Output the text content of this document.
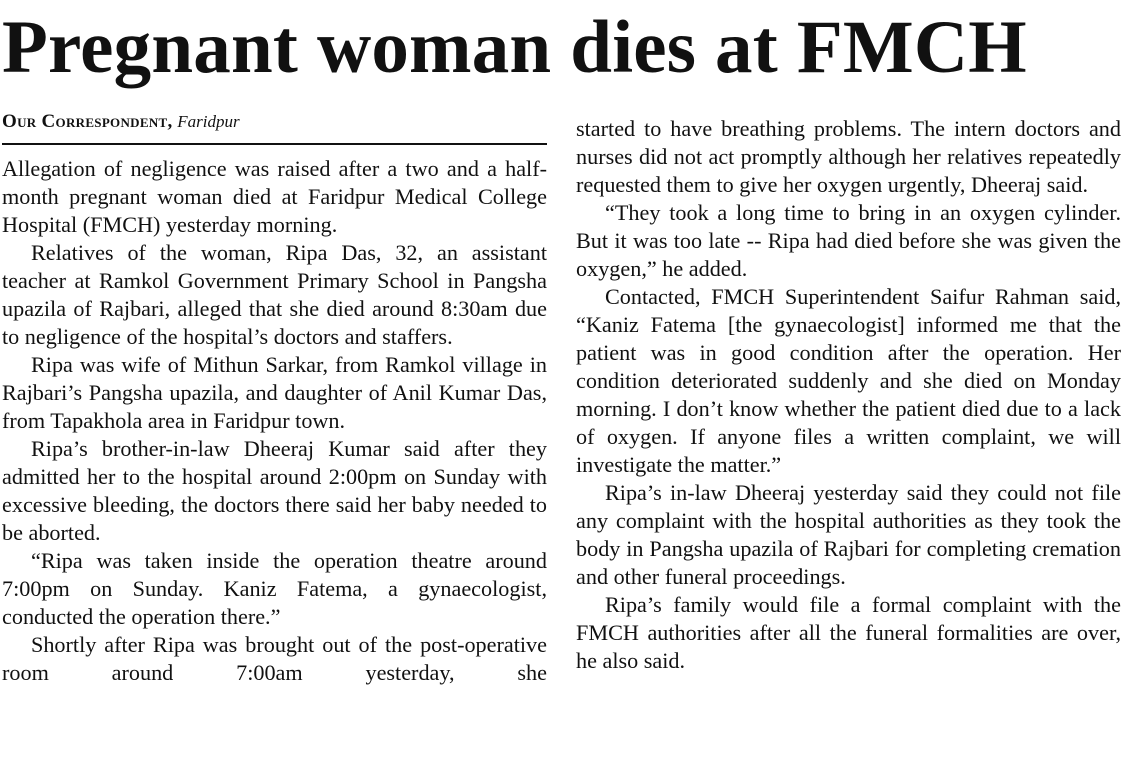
Pregnant woman dies at FMCH
Our Correspondent, Faridpur

Allegation of negligence was raised after a two and a half-month pregnant woman died at Faridpur Medical College Hospital (FMCH) yesterday morning.

Relatives of the woman, Ripa Das, 32, an assistant teacher at Ramkol Government Primary School in Pangsha upazila of Rajbari, alleged that she died around 8:30am due to negligence of the hospital’s doctors and staffers.

Ripa was wife of Mithun Sarkar, from Ramkol village in Rajbari’s Pangsha upazila, and daughter of Anil Kumar Das, from Tapakhola area in Faridpur town.

Ripa’s brother-in-law Dheeraj Kumar said after they admitted her to the hospital around 2:00pm on Sunday with excessive bleeding, the doctors there said her baby needed to be aborted.

“Ripa was taken inside the operation theatre around 7:00pm on Sunday. Kaniz Fatema, a gynaecologist, conducted the operation there.”

Shortly after Ripa was brought out of the post-operative room around 7:00am yesterday, she

started to have breathing problems. The intern doctors and nurses did not act promptly although her relatives repeatedly requested them to give her oxygen urgently, Dheeraj said.

“They took a long time to bring in an oxygen cylinder. But it was too late -- Ripa had died before she was given the oxygen,” he added.

Contacted, FMCH Superintendent Saifur Rahman said, “Kaniz Fatema [the gynaecologist] informed me that the patient was in good condition after the operation. Her condition deteriorated suddenly and she died on Monday morning. I don’t know whether the patient died due to a lack of oxygen. If anyone files a written complaint, we will investigate the matter.”

Ripa’s in-law Dheeraj yesterday said they could not file any complaint with the hospital authorities as they took the body in Pangsha upazila of Rajbari for completing cremation and other funeral proceedings.

Ripa’s family would file a formal complaint with the FMCH authorities after all the funeral formalities are over, he also said.
